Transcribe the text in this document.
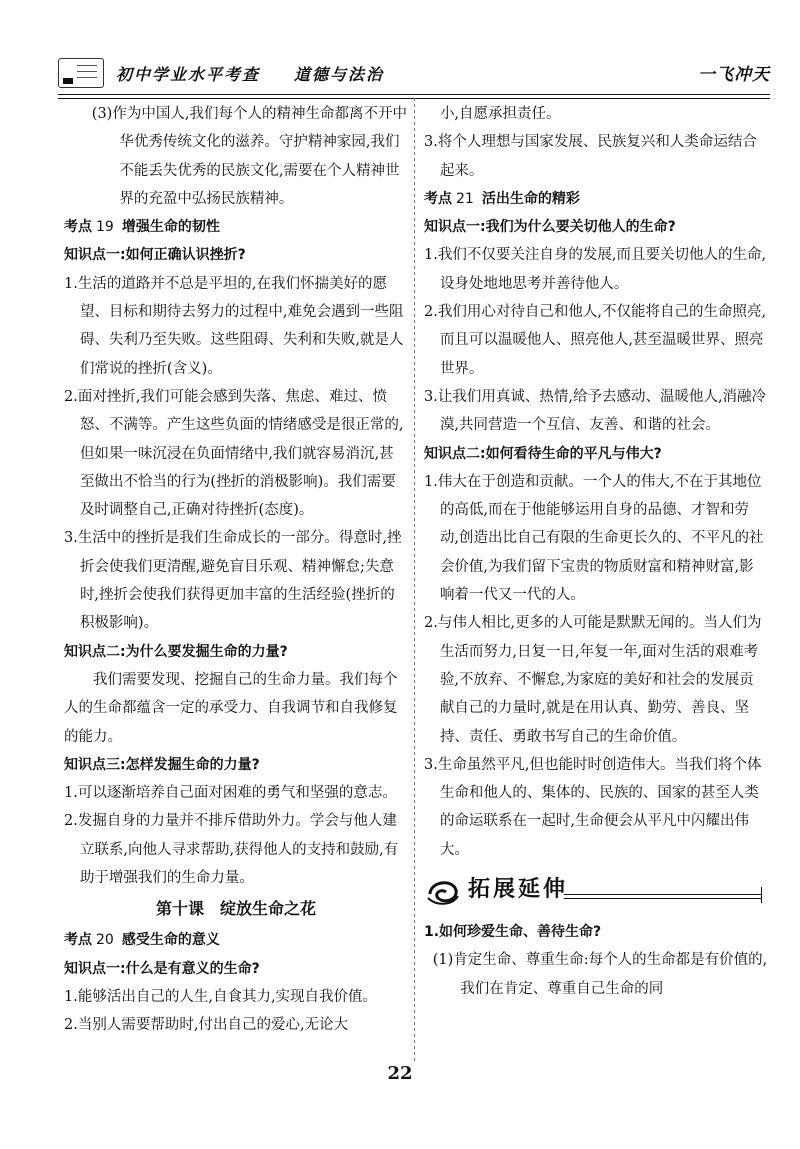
初中学业水平考查 道德与法治	一飞冲天
(3)作为中国人,我们每个人的精神生命都离不开中华优秀传统文化的滋养。守护精神家园,我们不能丢失优秀的民族文化,需要在个人精神世界的充盈中弘扬民族精神。
考点 19 增强生命的韧性
知识点一:如何正确认识挫折?
1.生活的道路并不总是平坦的,在我们怀揣美好的愿望、目标和期待去努力的过程中,难免会遇到一些阻碍、失利乃至失败。这些阻碍、失利和失败,就是人们常说的挫折(含义)。
2.面对挫折,我们可能会感到失落、焦虑、难过、愤怒、不满等。产生这些负面的情绪感受是很正常的,但如果一味沉浸在负面情绪中,我们就容易消沉,甚至做出不恰当的行为(挫折的消极影响)。我们需要及时调整自己,正确对待挫折(态度)。
3.生活中的挫折是我们生命成长的一部分。得意时,挫折会使我们更清醒,避免盲目乐观、精神懈怠;失意时,挫折会使我们获得更加丰富的生活经验(挫折的积极影响)。
知识点二:为什么要发掘生命的力量?
我们需要发现、挖掘自己的生命力量。我们每个人的生命都蕴含一定的承受力、自我调节和自我修复的能力。
知识点三:怎样发掘生命的力量?
1.可以逐渐培养自己面对困难的勇气和坚强的意志。
2.发掘自身的力量并不排斥借助外力。学会与他人建立联系,向他人寻求帮助,获得他人的支持和鼓励,有助于增强我们的生命力量。
第十课　绽放生命之花
考点 20 感受生命的意义
知识点一:什么是有意义的生命?
1.能够活出自己的人生,自食其力,实现自我价值。
2.当别人需要帮助时,付出自己的爱心,无论大
小,自愿承担责任。
3.将个人理想与国家发展、民族复兴和人类命运结合起来。
考点 21 活出生命的精彩
知识点一:我们为什么要关切他人的生命?
1.我们不仅要关注自身的发展,而且要关切他人的生命,设身处地地思考并善待他人。
2.我们用心对待自己和他人,不仅能将自己的生命照亮,而且可以温暖他人、照亮他人,甚至温暖世界、照亮世界。
3.让我们用真诚、热情,给予去感动、温暖他人,消融冷漠,共同营造一个互信、友善、和谐的社会。
知识点二:如何看待生命的平凡与伟大?
1.伟大在于创造和贡献。一个人的伟大,不在于其地位的高低,而在于他能够运用自身的品德、才智和劳动,创造出比自己有限的生命更长久的、不平凡的社会价值,为我们留下宝贵的物质财富和精神财富,影响着一代又一代的人。
2.与伟人相比,更多的人可能是默默无闻的。当人们为生活而努力,日复一日,年复一年,面对生活的艰难考验,不放弃、不懈怠,为家庭的美好和社会的发展贡献自己的力量时,就是在用认真、勤劳、善良、坚持、责任、勇敢书写自己的生命价值。
3.生命虽然平凡,但也能时时创造伟大。当我们将个体生命和他人的、集体的、民族的、国家的甚至人类的命运联系在一起时,生命便会从平凡中闪耀出伟大。
拓展延伸
1.如何珍爱生命、善待生命?
(1)肯定生命、尊重生命:每个人的生命都是有价值的,我们在肯定、尊重自己生命的同
22
